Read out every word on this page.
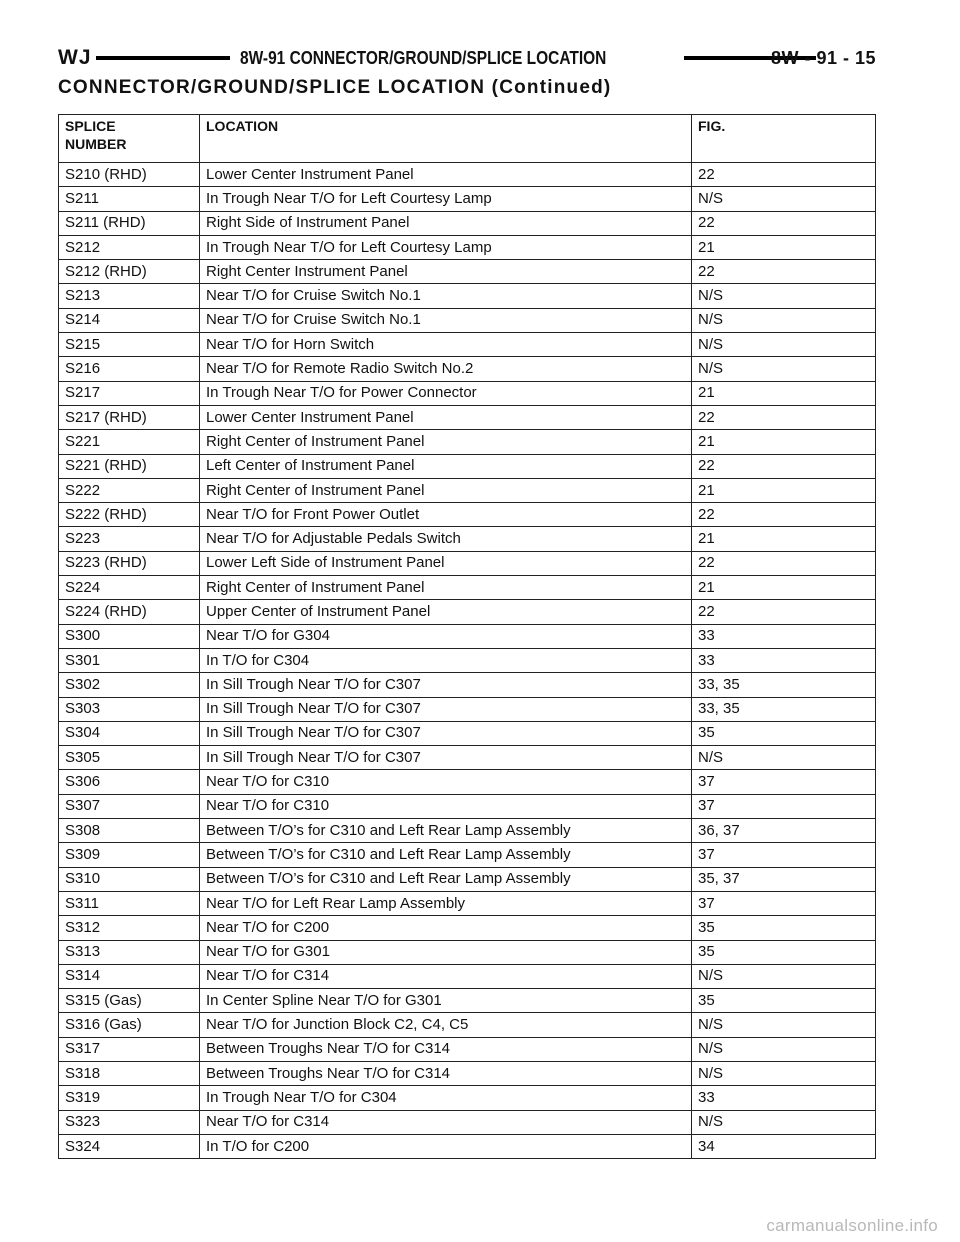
WJ	8W-91 CONNECTOR/GROUND/SPLICE LOCATION	8W - 91 - 15
CONNECTOR/GROUND/SPLICE LOCATION (Continued)
SPLICE NUMBER	LOCATION	FIG.
S210 (RHD)	Lower Center Instrument Panel	22
S211	In Trough Near T/O for Left Courtesy Lamp	N/S
S211 (RHD)	Right Side of Instrument Panel	22
S212	In Trough Near T/O for Left Courtesy Lamp	21
S212 (RHD)	Right Center Instrument Panel	22
S213	Near T/O for Cruise Switch No.1	N/S
S214	Near T/O for Cruise Switch No.1	N/S
S215	Near T/O for Horn Switch	N/S
S216	Near T/O for Remote Radio Switch No.2	N/S
S217	In Trough Near T/O for Power Connector	21
S217 (RHD)	Lower Center Instrument Panel	22
S221	Right Center of Instrument Panel	21
S221 (RHD)	Left Center of Instrument Panel	22
S222	Right Center of Instrument Panel	21
S222 (RHD)	Near T/O for Front Power Outlet	22
S223	Near T/O for Adjustable Pedals Switch	21
S223 (RHD)	Lower Left Side of Instrument Panel	22
S224	Right Center of Instrument Panel	21
S224 (RHD)	Upper Center of Instrument Panel	22
S300	Near T/O for G304	33
S301	In T/O for C304	33
S302	In Sill Trough Near T/O for C307	33, 35
S303	In Sill Trough Near T/O for C307	33, 35
S304	In Sill Trough Near T/O for C307	35
S305	In Sill Trough Near T/O for C307	N/S
S306	Near T/O for C310	37
S307	Near T/O for C310	37
S308	Between T/O’s for C310 and Left Rear Lamp Assembly	36, 37
S309	Between T/O’s for C310 and Left Rear Lamp Assembly	37
S310	Between T/O’s for C310 and Left Rear Lamp Assembly	35, 37
S311	Near T/O for Left Rear Lamp Assembly	37
S312	Near T/O for C200	35
S313	Near T/O for G301	35
S314	Near T/O for C314	N/S
S315 (Gas)	In Center Spline Near T/O for G301	35
S316 (Gas)	Near T/O for Junction Block C2, C4, C5	N/S
S317	Between Troughs Near T/O for C314	N/S
S318	Between Troughs Near T/O for C314	N/S
S319	In Trough Near T/O for C304	33
S323	Near T/O for C314	N/S
S324	In T/O for C200	34
carmanualsonline.info
